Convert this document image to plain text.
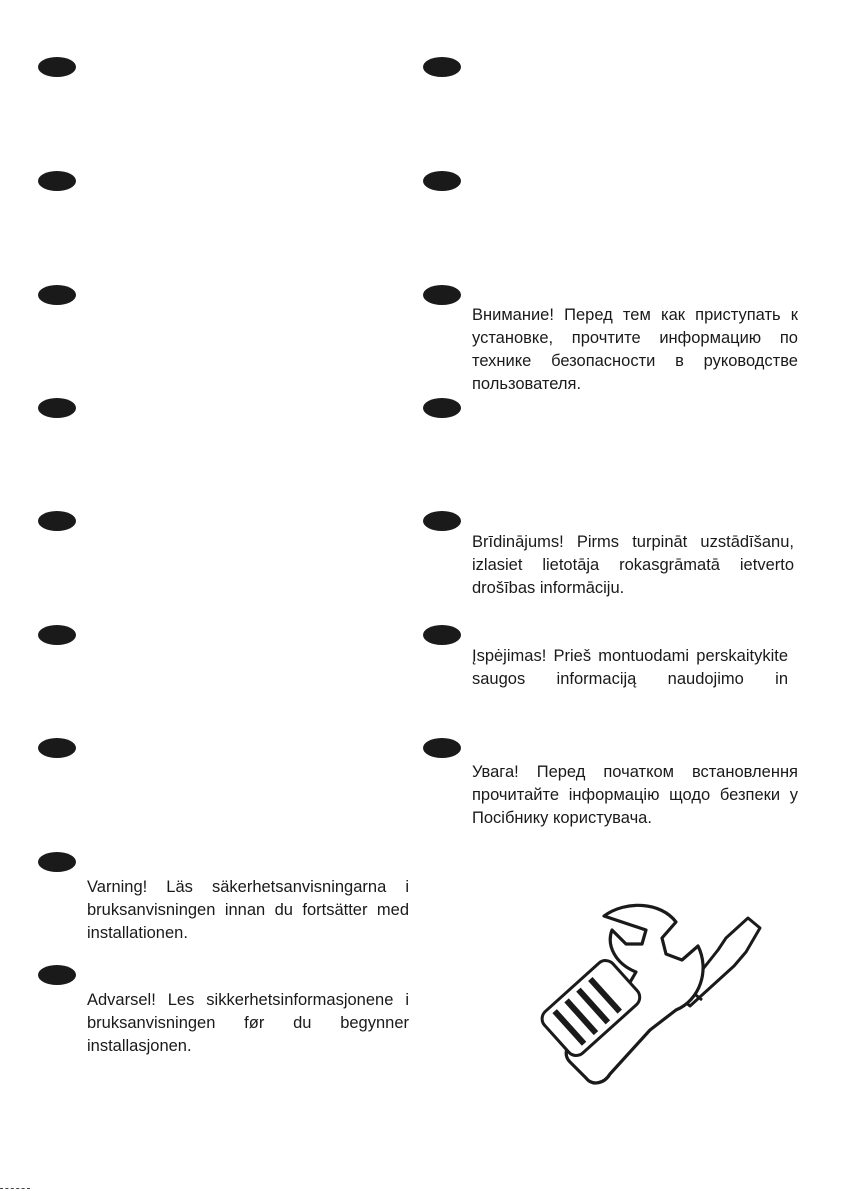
Внимание! Перед тем как приступать к установке, прочтите информацию по технике безопасности в руководстве пользователя.

Brīdinājums! Pirms turpināt uzstādīšanu, izlasiet lietotāja rokasgrāmatā ietverto drošības informāciju.

Įspėjimas! Prieš montuodami perskaitykite saugos informaciją naudojimo in

Увага! Перед початком встановлення прочитайте інформацію щодо безпеки у Посібнику користувача.

Varning! Läs säkerhetsanvisningarna i bruksanvisningen innan du fortsätter med installationen.

Advarsel! Les sikkerhetsinformasjonene i bruksanvisningen før du begynner installasjonen.
